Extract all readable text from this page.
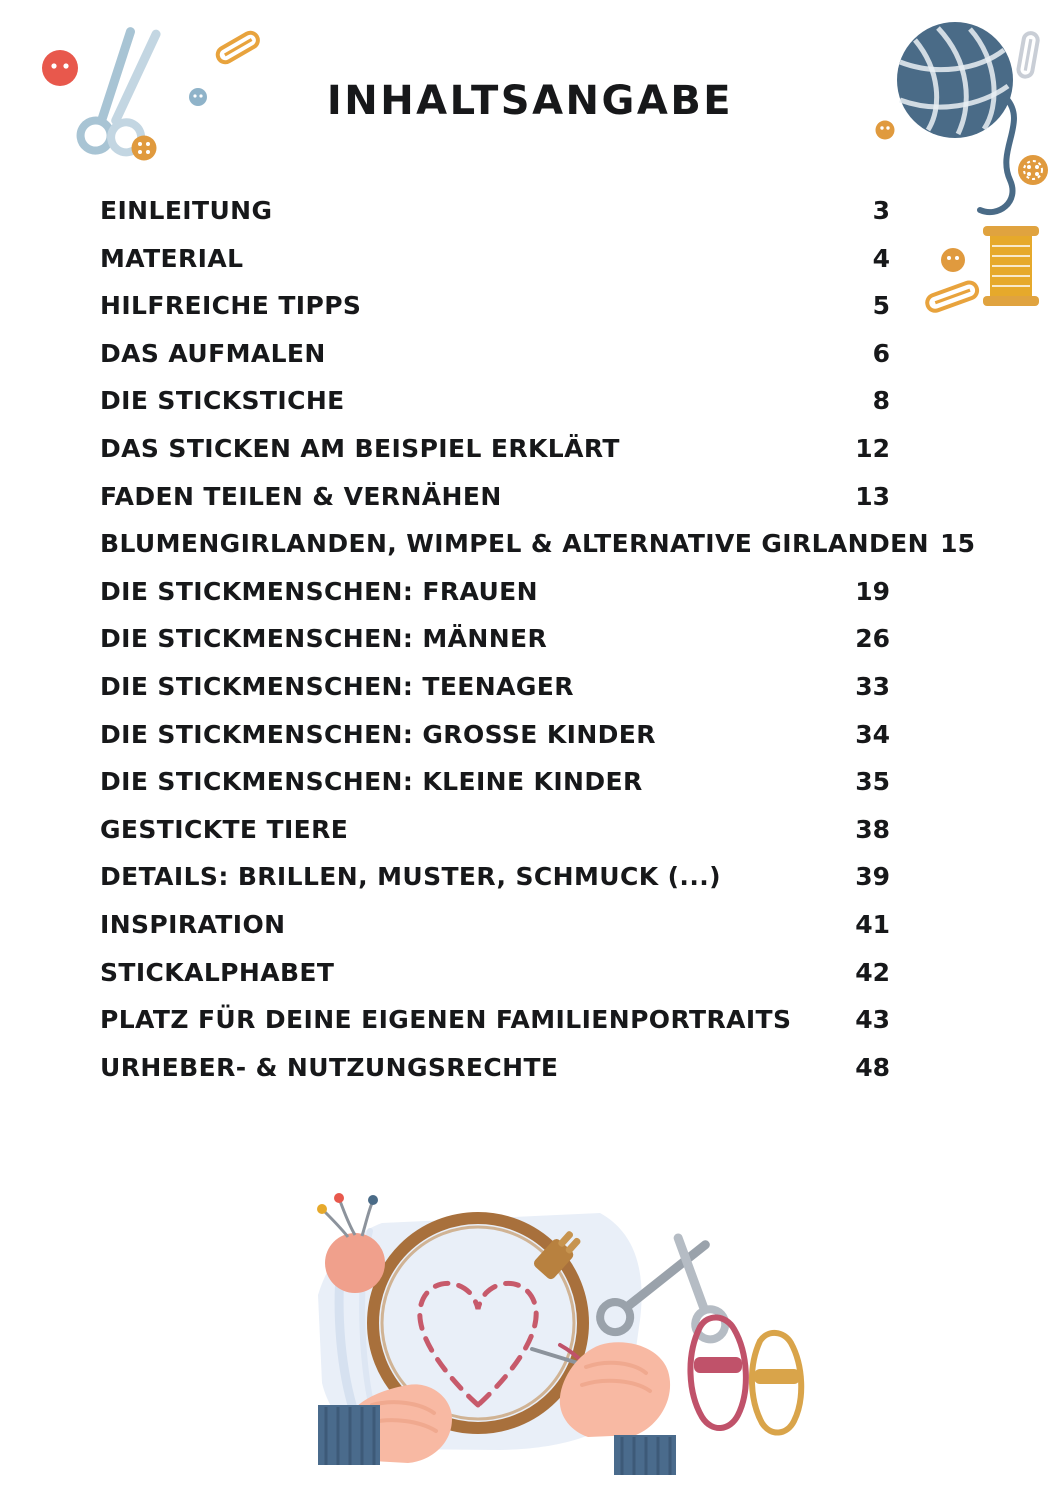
INHALTSANGABE
EINLEITUNG	3
MATERIAL	4
HILFREICHE TIPPS	5
DAS AUFMALEN	6
DIE STICKSTICHE	8
DAS STICKEN AM BEISPIEL ERKLÄRT	12
FADEN TEILEN & VERNÄHEN	13
BLUMENGIRLANDEN, WIMPEL & ALTERNATIVE GIRLANDEN 15
DIE STICKMENSCHEN: FRAUEN	19
DIE STICKMENSCHEN: MÄNNER	26
DIE STICKMENSCHEN: TEENAGER	33
DIE STICKMENSCHEN: GROSSE KINDER	34
DIE STICKMENSCHEN: KLEINE KINDER	35
GESTICKTE TIERE	38
DETAILS: BRILLEN, MUSTER, SCHMUCK (...)	39
INSPIRATION	41
STICKALPHABET	42
PLATZ FÜR DEINE EIGENEN FAMILIENPORTRAITS	43
URHEBER- & NUTZUNGSRECHTE	48
